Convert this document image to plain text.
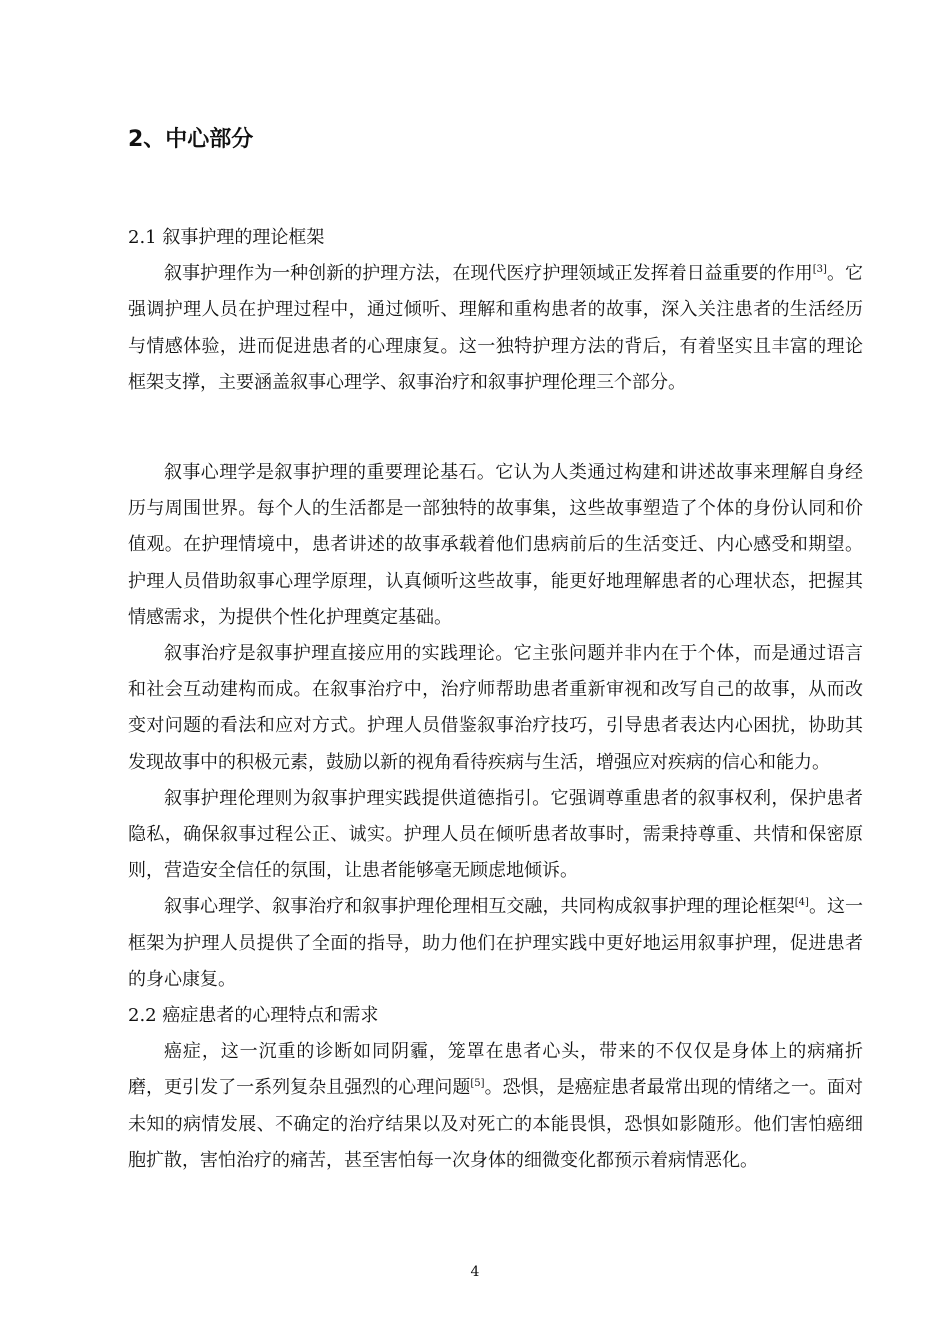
2、中心部分
2.1 叙事护理的理论框架

叙事护理作为一种创新的护理方法，在现代医疗护理领域正发挥着日益重要的作用[3]。它强调护理人员在护理过程中，通过倾听、理解和重构患者的故事，深入关注患者的生活经历与情感体验，进而促进患者的心理康复。这一独特护理方法的背后，有着坚实且丰富的理论框架支撑，主要涵盖叙事心理学、叙事治疗和叙事护理伦理三个部分。

叙事心理学是叙事护理的重要理论基石。它认为人类通过构建和讲述故事来理解自身经历与周围世界。每个人的生活都是一部独特的故事集，这些故事塑造了个体的身份认同和价值观。在护理情境中，患者讲述的故事承载着他们患病前后的生活变迁、内心感受和期望。护理人员借助叙事心理学原理，认真倾听这些故事，能更好地理解患者的心理状态，把握其情感需求，为提供个性化护理奠定基础。

叙事治疗是叙事护理直接应用的实践理论。它主张问题并非内在于个体，而是通过语言和社会互动建构而成。在叙事治疗中，治疗师帮助患者重新审视和改写自己的故事，从而改变对问题的看法和应对方式。护理人员借鉴叙事治疗技巧，引导患者表达内心困扰，协助其发现故事中的积极元素，鼓励以新的视角看待疾病与生活，增强应对疾病的信心和能力。

叙事护理伦理则为叙事护理实践提供道德指引。它强调尊重患者的叙事权利，保护患者隐私，确保叙事过程公正、诚实。护理人员在倾听患者故事时，需秉持尊重、共情和保密原则，营造安全信任的氛围，让患者能够毫无顾虑地倾诉。

叙事心理学、叙事治疗和叙事护理伦理相互交融，共同构成叙事护理的理论框架[4]。这一框架为护理人员提供了全面的指导，助力他们在护理实践中更好地运用叙事护理，促进患者的身心康复。

2.2 癌症患者的心理特点和需求

癌症，这一沉重的诊断如同阴霾，笼罩在患者心头，带来的不仅仅是身体上的病痛折磨，更引发了一系列复杂且强烈的心理问题[5]。恐惧，是癌症患者最常出现的情绪之一。面对未知的病情发展、不确定的治疗结果以及对死亡的本能畏惧，恐惧如影随形。他们害怕癌细胞扩散，害怕治疗的痛苦，甚至害怕每一次身体的细微变化都预示着病情恶化。

4
